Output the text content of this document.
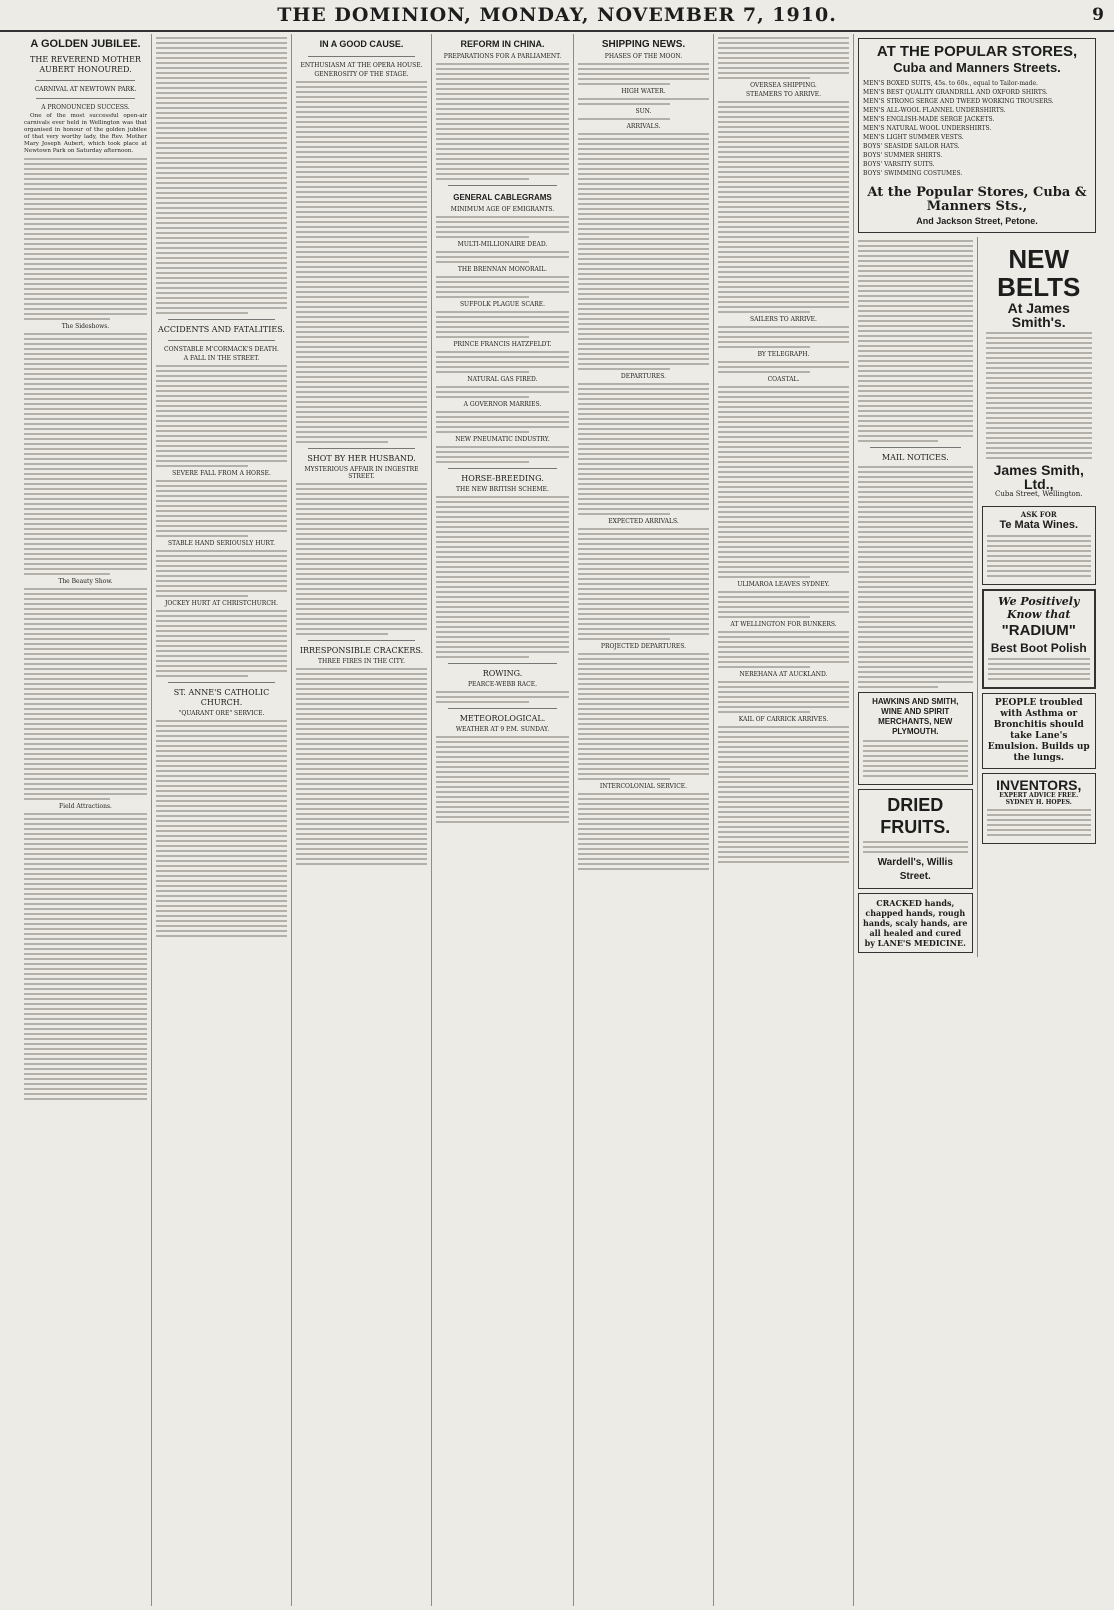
THE DOMINION, MONDAY, NOVEMBER 7, 1910.	9
A GOLDEN JUBILEE.
THE REVEREND MOTHER AUBERT HONOURED.
CARNIVAL AT NEWTOWN PARK.
A PRONOUNCED SUCCESS.

One of the most successful open-air carnivals ever held in Wellington was that organised in honour of the golden jubilee of that very worthy lady, the Rev. Mother Mary Joseph Aubert, which took place at Newtown Park on Saturday afternoon.

The Sideshows.
The Beauty Show.
Field Attractions.
ACCIDENTS AND FATALITIES.
CONSTABLE M'CORMACK'S DEATH.
A FALL IN THE STREET.
SEVERE FALL FROM A HORSE.
STABLE HAND SERIOUSLY HURT.
JOCKEY HURT AT CHRISTCHURCH.
ST. ANNE'S CATHOLIC CHURCH.
"QUARANT ORE" SERVICE.
IN A GOOD CAUSE.
ENTHUSIASM AT THE OPERA HOUSE.
GENEROSITY OF THE STAGE.
SHOT BY HER HUSBAND.
MYSTERIOUS AFFAIR IN INGESTRE STREET.
IRRESPONSIBLE CRACKERS.
THREE FIRES IN THE CITY.
REFORM IN CHINA.
PREPARATIONS FOR A PARLIAMENT.
GENERAL CABLEGRAMS
MINIMUM AGE OF EMIGRANTS.
MULTI-MILLIONAIRE DEAD.
THE BRENNAN MONORAIL.
SUFFOLK PLAGUE SCARE.
PRINCE FRANCIS HATZFELDT.
NATURAL GAS FIRED.
A GOVERNOR MARRIES.
NEW PNEUMATIC INDUSTRY.
HORSE-BREEDING.
THE NEW BRITISH SCHEME.
ROWING.
PEARCE-WEBB RACE.
METEOROLOGICAL.
WEATHER AT 9 P.M. SUNDAY.
SHIPPING NEWS.
PHASES OF THE MOON.
HIGH WATER.
SUN.
ARRIVALS.
DEPARTURES.
EXPECTED ARRIVALS.
PROJECTED DEPARTURES.
INTERCOLONIAL SERVICE.
OVERSEA SHIPPING.
STEAMERS TO ARRIVE.
SAILERS TO ARRIVE.
BY TELEGRAPH.
COASTAL.
ULIMAROA LEAVES SYDNEY.
AT WELLINGTON FOR BUNKERS.
NEREHANA AT AUCKLAND.
KAIL OF CARRICK ARRIVES.
AT THE POPULAR STORES,
Cuba and Manners Streets.
MEN'S BOXED SUITS, 45s. to 60s., equal to Tailor-made.
MEN'S BEST QUALITY GRANDRILL AND OXFORD SHIRTS.
MEN'S STRONG SERGE AND TWEED WORKING TROUSERS.
MEN'S ALL-WOOL FLANNEL UNDERSHIRTS.
MEN'S ENGLISH-MADE SERGE JACKETS.
MEN'S NATURAL WOOL UNDERSHIRTS.
MEN'S LIGHT SUMMER VESTS.
BOYS' SEASIDE SAILOR HATS.
BOYS' SUMMER SHIRTS.
BOYS' VARSITY SUITS.
BOYS' SWIMMING COSTUMES.
At the Popular Stores, Cuba & Manners Sts.,
And Jackson Street, Petone.
MAIL NOTICES.
HAWKINS AND SMITH, WINE AND SPIRIT MERCHANTS, NEW PLYMOUTH.
DRIED FRUITS.
Wardell's, Willis Street.
CRACKED hands, chapped hands, rough hands, scaly hands, are all healed and cured by LANE'S MEDICINE.
NEW BELTS
At James Smith's.
James Smith, Ltd.,
Cuba Street, Wellington.
ASK FOR
Te Mata Wines.
We Positively Know that
"RADIUM"
Best Boot Polish
PEOPLE troubled with Asthma or Bronchitis should take Lane's Emulsion. Builds up the lungs.
INVENTORS,
EXPERT ADVICE FREE. SYDNEY H. HOPES.
